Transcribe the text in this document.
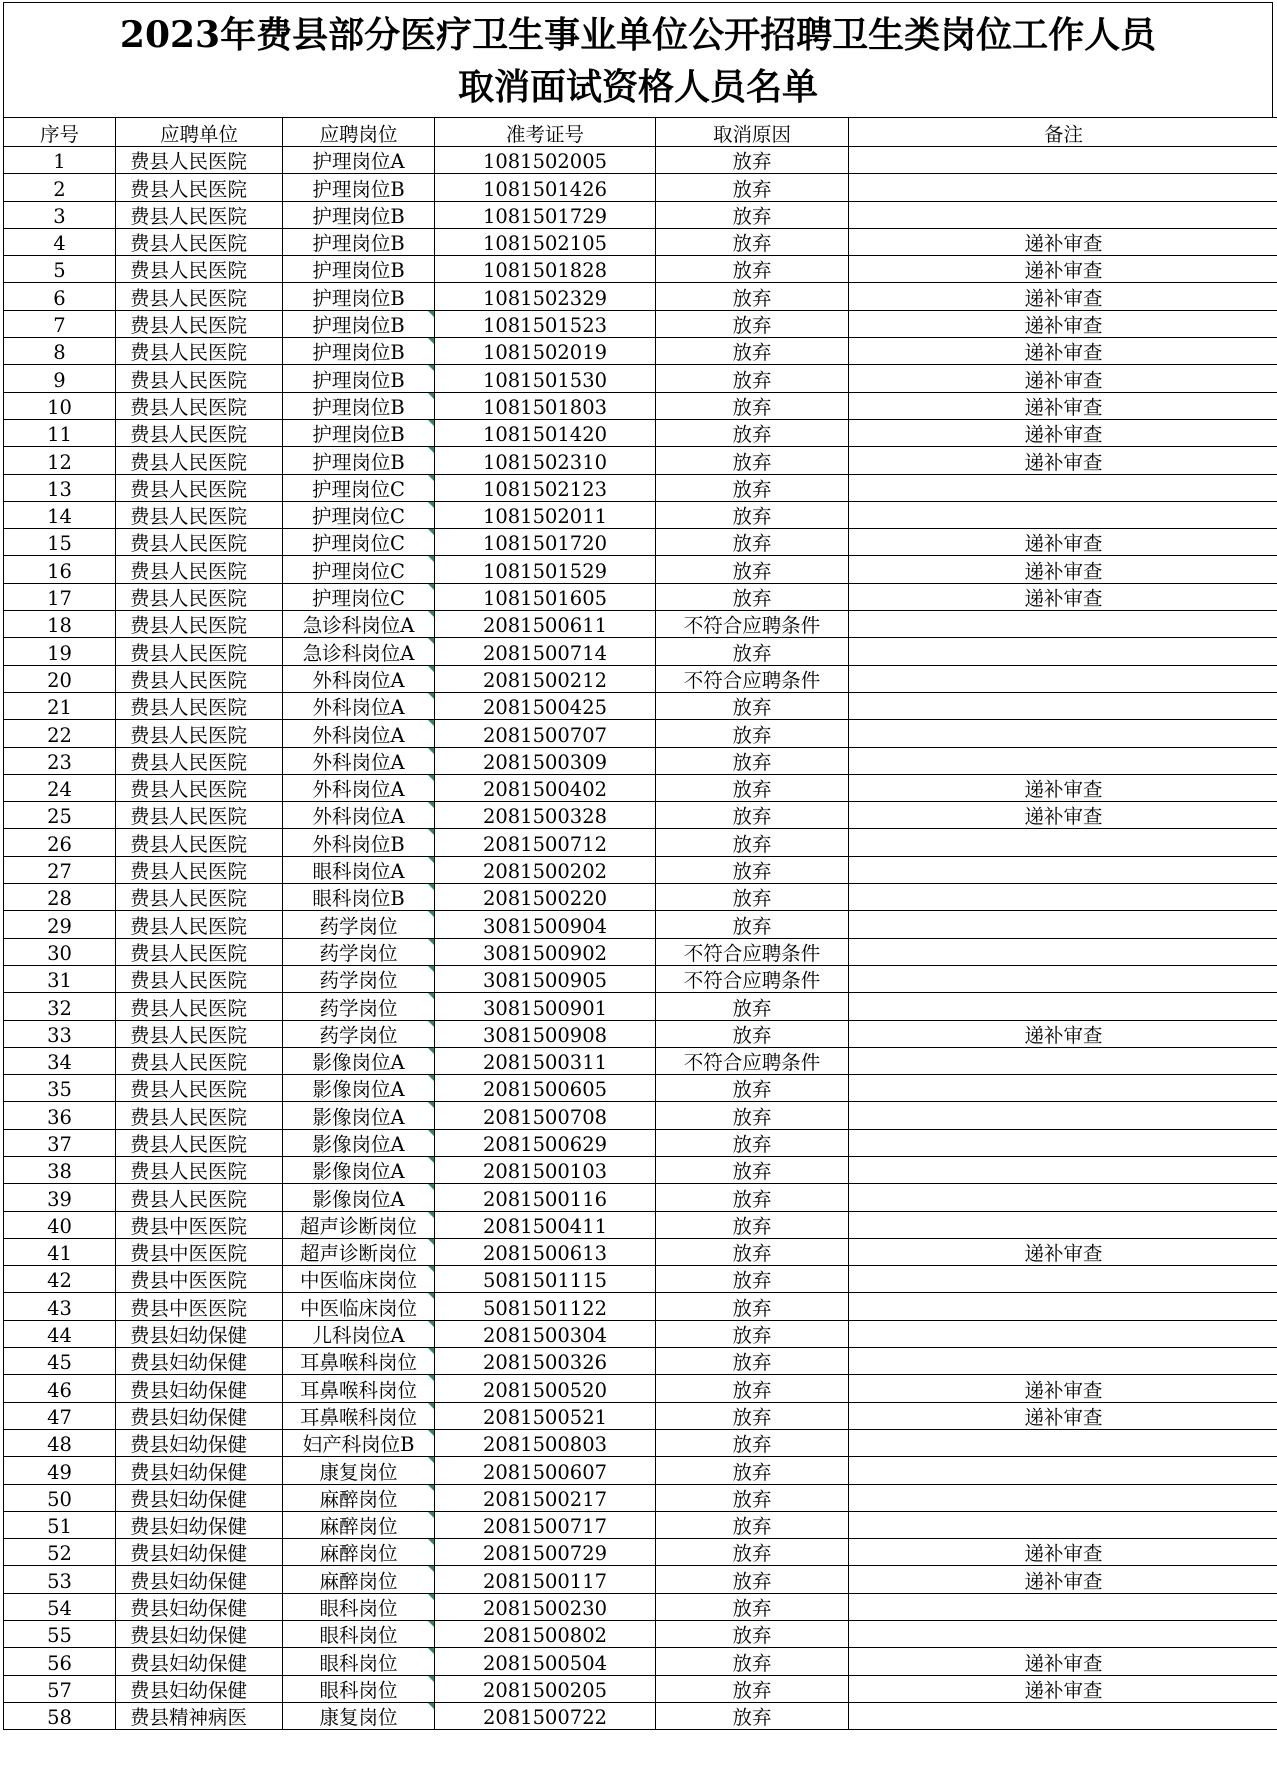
2023年费县部分医疗卫生事业单位公开招聘卫生类岗位工作人员
取消面试资格人员名单
序号	应聘单位	应聘岗位	准考证号	取消原因	备注
1	费县人民医院	护理岗位A	1081502005	放弃	
2	费县人民医院	护理岗位B	1081501426	放弃	
3	费县人民医院	护理岗位B	1081501729	放弃	
4	费县人民医院	护理岗位B	1081502105	放弃	递补审查
5	费县人民医院	护理岗位B	1081501828	放弃	递补审查
6	费县人民医院	护理岗位B	1081502329	放弃	递补审查
7	费县人民医院	护理岗位B	1081501523	放弃	递补审查
8	费县人民医院	护理岗位B	1081502019	放弃	递补审查
9	费县人民医院	护理岗位B	1081501530	放弃	递补审查
10	费县人民医院	护理岗位B	1081501803	放弃	递补审查
11	费县人民医院	护理岗位B	1081501420	放弃	递补审查
12	费县人民医院	护理岗位B	1081502310	放弃	递补审查
13	费县人民医院	护理岗位C	1081502123	放弃	
14	费县人民医院	护理岗位C	1081502011	放弃	
15	费县人民医院	护理岗位C	1081501720	放弃	递补审查
16	费县人民医院	护理岗位C	1081501529	放弃	递补审查
17	费县人民医院	护理岗位C	1081501605	放弃	递补审查
18	费县人民医院	急诊科岗位A	2081500611	不符合应聘条件	
19	费县人民医院	急诊科岗位A	2081500714	放弃	
20	费县人民医院	外科岗位A	2081500212	不符合应聘条件	
21	费县人民医院	外科岗位A	2081500425	放弃	
22	费县人民医院	外科岗位A	2081500707	放弃	
23	费县人民医院	外科岗位A	2081500309	放弃	
24	费县人民医院	外科岗位A	2081500402	放弃	递补审查
25	费县人民医院	外科岗位A	2081500328	放弃	递补审查
26	费县人民医院	外科岗位B	2081500712	放弃	
27	费县人民医院	眼科岗位A	2081500202	放弃	
28	费县人民医院	眼科岗位B	2081500220	放弃	
29	费县人民医院	药学岗位	3081500904	放弃	
30	费县人民医院	药学岗位	3081500902	不符合应聘条件	
31	费县人民医院	药学岗位	3081500905	不符合应聘条件	
32	费县人民医院	药学岗位	3081500901	放弃	
33	费县人民医院	药学岗位	3081500908	放弃	递补审查
34	费县人民医院	影像岗位A	2081500311	不符合应聘条件	
35	费县人民医院	影像岗位A	2081500605	放弃	
36	费县人民医院	影像岗位A	2081500708	放弃	
37	费县人民医院	影像岗位A	2081500629	放弃	
38	费县人民医院	影像岗位A	2081500103	放弃	
39	费县人民医院	影像岗位A	2081500116	放弃	
40	费县中医医院	超声诊断岗位	2081500411	放弃	
41	费县中医医院	超声诊断岗位	2081500613	放弃	递补审查
42	费县中医医院	中医临床岗位	5081501115	放弃	
43	费县中医医院	中医临床岗位	5081501122	放弃	
44	费县妇幼保健	儿科岗位A	2081500304	放弃	
45	费县妇幼保健	耳鼻喉科岗位	2081500326	放弃	
46	费县妇幼保健	耳鼻喉科岗位	2081500520	放弃	递补审查
47	费县妇幼保健	耳鼻喉科岗位	2081500521	放弃	递补审查
48	费县妇幼保健	妇产科岗位B	2081500803	放弃	
49	费县妇幼保健	康复岗位	2081500607	放弃	
50	费县妇幼保健	麻醉岗位	2081500217	放弃	
51	费县妇幼保健	麻醉岗位	2081500717	放弃	
52	费县妇幼保健	麻醉岗位	2081500729	放弃	递补审查
53	费县妇幼保健	麻醉岗位	2081500117	放弃	递补审查
54	费县妇幼保健	眼科岗位	2081500230	放弃	
55	费县妇幼保健	眼科岗位	2081500802	放弃	
56	费县妇幼保健	眼科岗位	2081500504	放弃	递补审查
57	费县妇幼保健	眼科岗位	2081500205	放弃	递补审查
58	费县精神病医	康复岗位	2081500722	放弃	
